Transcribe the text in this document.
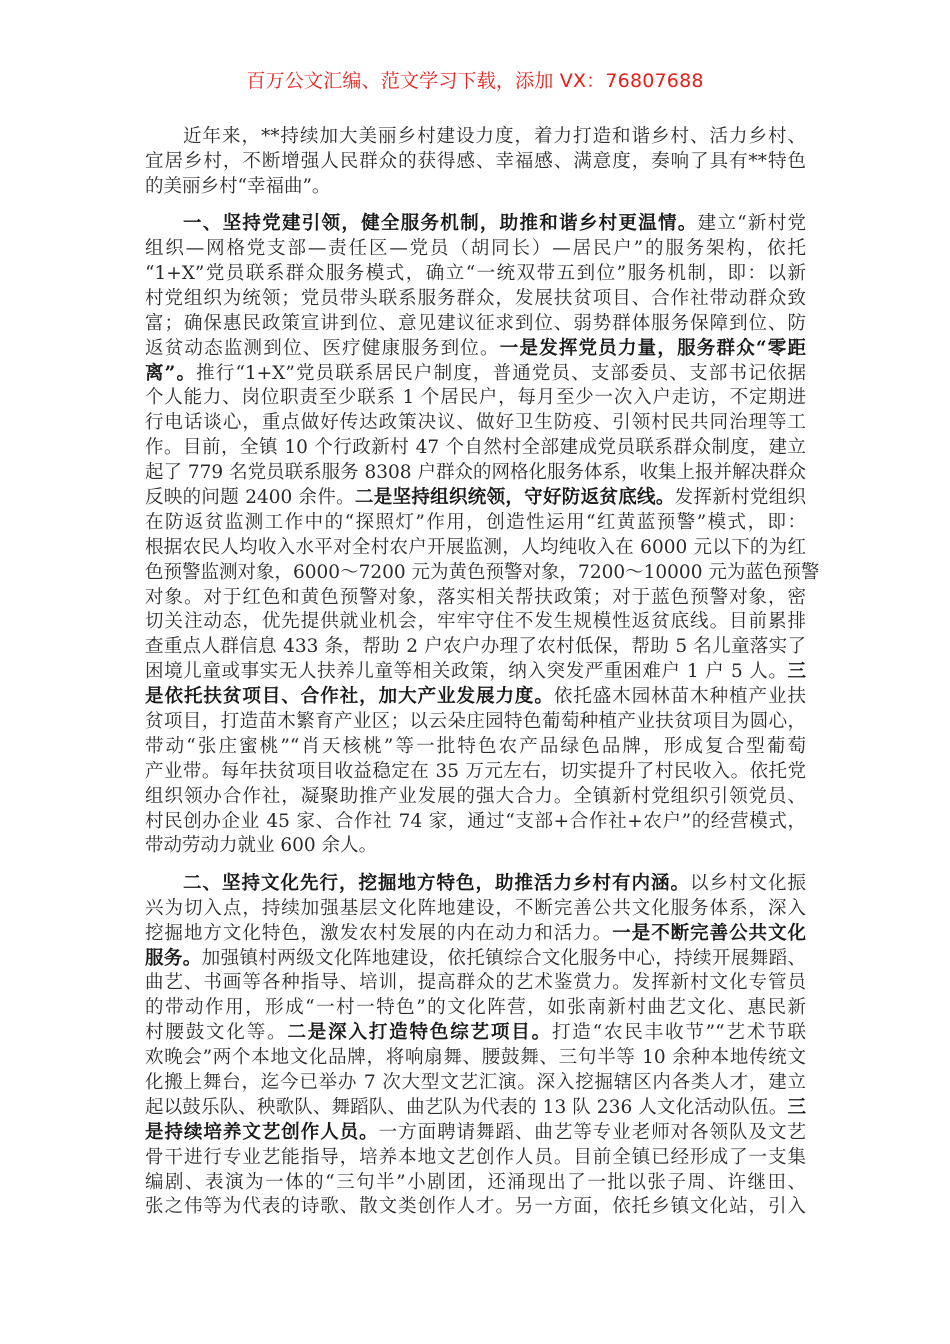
百万公文汇编、范文学习下载，添加 VX：76807688
近年来，**持续加大美丽乡村建设力度，着力打造和谐乡村、活力乡村、
宜居乡村，不断增强人民群众的获得感、幸福感、满意度，奏响了具有**特色
的美丽乡村“幸福曲”。
一、坚持党建引领，健全服务机制，助推和谐乡村更温情。建立“新村党
组织—网格党支部—责任区—党员（胡同长）—居民户”的服务架构，依托
“1+X”党员联系群众服务模式，确立“一统双带五到位”服务机制，即：以新
村党组织为统领；党员带头联系服务群众，发展扶贫项目、合作社带动群众致
富；确保惠民政策宣讲到位、意见建议征求到位、弱势群体服务保障到位、防
返贫动态监测到位、医疗健康服务到位。一是发挥党员力量，服务群众“零距
离”。推行“1+X”党员联系居民户制度，普通党员、支部委员、支部书记依据
个人能力、岗位职责至少联系 1 个居民户，每月至少一次入户走访，不定期进
行电话谈心，重点做好传达政策决议、做好卫生防疫、引领村民共同治理等工
作。目前，全镇 10 个行政新村 47 个自然村全部建成党员联系群众制度，建立
起了 779 名党员联系服务 8308 户群众的网格化服务体系，收集上报并解决群众
反映的问题 2400 余件。二是坚持组织统领，守好防返贫底线。发挥新村党组织
在防返贫监测工作中的“探照灯”作用，创造性运用“红黄蓝预警”模式，即：
根据农民人均收入水平对全村农户开展监测，人均纯收入在 6000 元以下的为红
色预警监测对象，6000～7200 元为黄色预警对象，7200～10000 元为蓝色预警
对象。对于红色和黄色预警对象，落实相关帮扶政策；对于蓝色预警对象，密
切关注动态，优先提供就业机会，牢牢守住不发生规模性返贫底线。目前累排
查重点人群信息 433 条，帮助 2 户农户办理了农村低保，帮助 5 名儿童落实了
困境儿童或事实无人扶养儿童等相关政策，纳入突发严重困难户 1 户 5 人。三
是依托扶贫项目、合作社，加大产业发展力度。依托盛木园林苗木种植产业扶
贫项目，打造苗木繁育产业区；以云朵庄园特色葡萄种植产业扶贫项目为圆心，
带动“张庄蜜桃”“肖天核桃”等一批特色农产品绿色品牌，形成复合型葡萄
产业带。每年扶贫项目收益稳定在 35 万元左右，切实提升了村民收入。依托党
组织领办合作社，凝聚助推产业发展的强大合力。全镇新村党组织引领党员、
村民创办企业 45 家、合作社 74 家，通过“支部+合作社+农户”的经营模式，
带动劳动力就业 600 余人。
二、坚持文化先行，挖掘地方特色，助推活力乡村有内涵。以乡村文化振
兴为切入点，持续加强基层文化阵地建设，不断完善公共文化服务体系，深入
挖掘地方文化特色，激发农村发展的内在动力和活力。一是不断完善公共文化
服务。加强镇村两级文化阵地建设，依托镇综合文化服务中心，持续开展舞蹈、
曲艺、书画等各种指导、培训，提高群众的艺术鉴赏力。发挥新村文化专管员
的带动作用，形成“一村一特色”的文化阵营，如张南新村曲艺文化、惠民新
村腰鼓文化等。二是深入打造特色综艺项目。打造“农民丰收节”“艺术节联
欢晚会”两个本地文化品牌，将响扇舞、腰鼓舞、三句半等 10 余种本地传统文
化搬上舞台，迄今已举办 7 次大型文艺汇演。深入挖掘辖区内各类人才，建立
起以鼓乐队、秧歌队、舞蹈队、曲艺队为代表的 13 队 236 人文化活动队伍。三
是持续培养文艺创作人员。一方面聘请舞蹈、曲艺等专业老师对各领队及文艺
骨干进行专业艺能指导，培养本地文艺创作人员。目前全镇已经形成了一支集
编剧、表演为一体的“三句半”小剧团，还涌现出了一批以张子周、许继田、
张之伟等为代表的诗歌、散文类创作人才。另一方面，依托乡镇文化站，引入
